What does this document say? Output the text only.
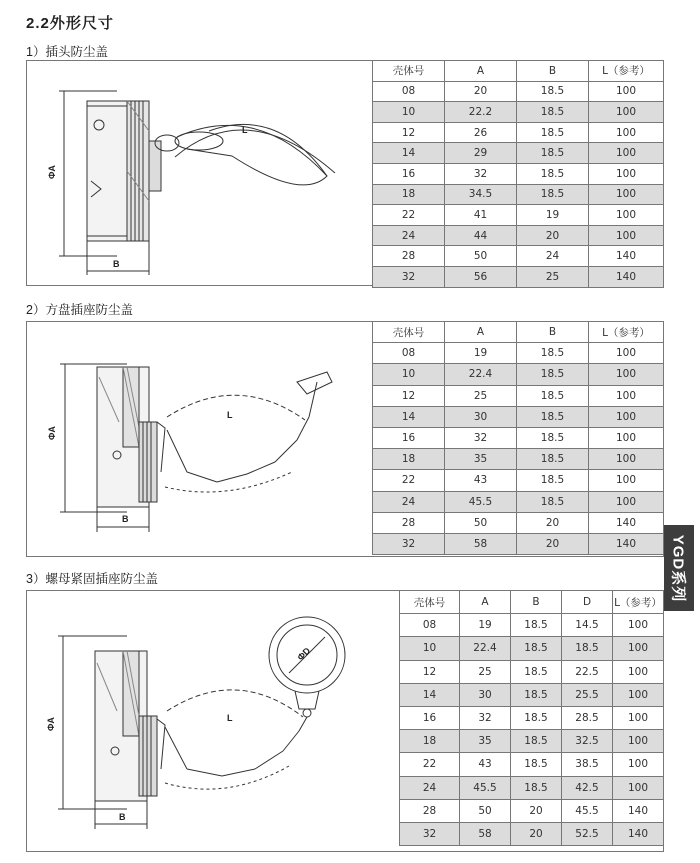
2.2外形尺寸
1）插头防尘盖
ΦA
B
L
壳体号	A	B	L（参考）
08	20	18.5	100
10	22.2	18.5	100
12	26	18.5	100
14	29	18.5	100
16	32	18.5	100
18	34.5	18.5	100
22	41	19	100
24	44	20	100
28	50	24	140
32	56	25	140
2）方盘插座防尘盖
ΦA
B
L
壳体号	A	B	L（参考）
08	19	18.5	100
10	22.4	18.5	100
12	25	18.5	100
14	30	18.5	100
16	32	18.5	100
18	35	18.5	100
22	43	18.5	100
24	45.5	18.5	100
28	50	20	140
32	58	20	140
3）螺母紧固插座防尘盖
ΦA
B
L
ΦD
壳体号	A	B	D	L（参考）
08	19	18.5	14.5	100
10	22.4	18.5	18.5	100
12	25	18.5	22.5	100
14	30	18.5	25.5	100
16	32	18.5	28.5	100
18	35	18.5	32.5	100
22	43	18.5	38.5	100
24	45.5	18.5	42.5	100
28	50	20	45.5	140
32	58	20	52.5	140
YGD系列
